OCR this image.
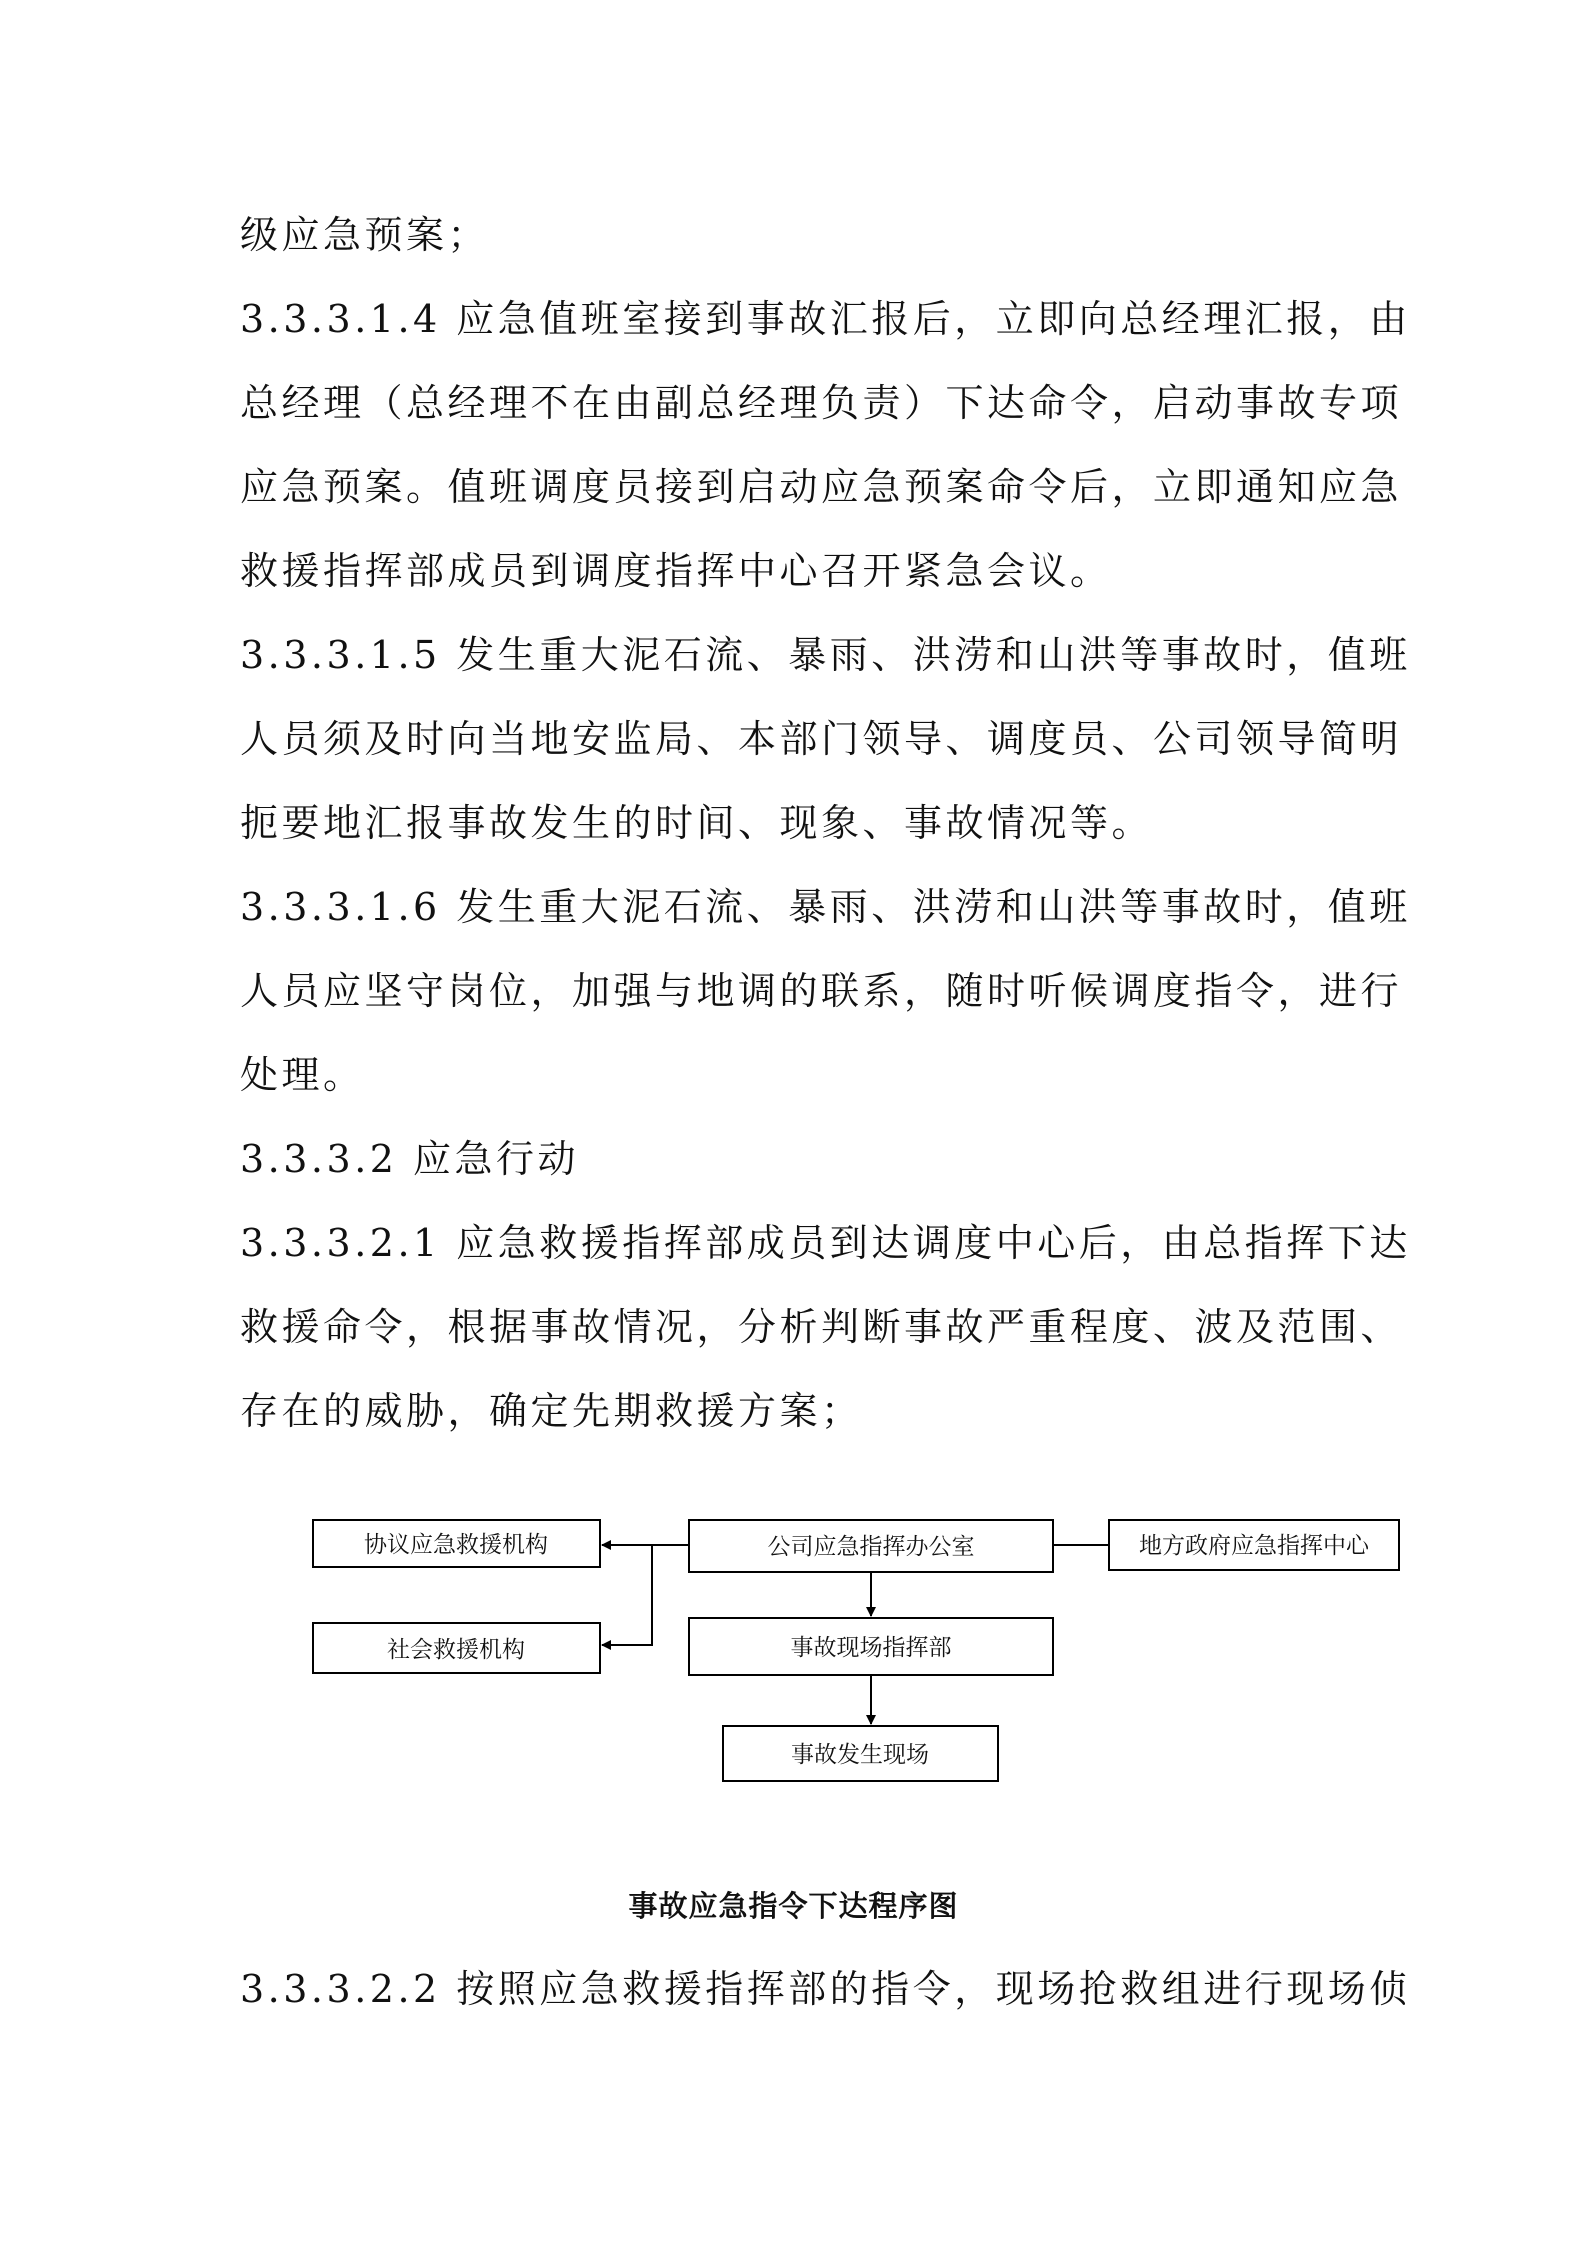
级应急预案；
3.3.3.1.4 应急值班室接到事故汇报后，立即向总经理汇报，由
总经理（总经理不在由副总经理负责）下达命令，启动事故专项
应急预案。值班调度员接到启动应急预案命令后，立即通知应急
救援指挥部成员到调度指挥中心召开紧急会议。
3.3.3.1.5 发生重大泥石流、暴雨、洪涝和山洪等事故时，值班
人员须及时向当地安监局、本部门领导、调度员、公司领导简明
扼要地汇报事故发生的时间、现象、事故情况等。
3.3.3.1.6 发生重大泥石流、暴雨、洪涝和山洪等事故时，值班
人员应坚守岗位，加强与地调的联系，随时听候调度指令，进行
处理。
3.3.3.2 应急行动
3.3.3.2.1 应急救援指挥部成员到达调度中心后，由总指挥下达
救援命令，根据事故情况，分析判断事故严重程度、波及范围、
存在的威胁，确定先期救援方案；
协议应急救援机构	公司应急指挥办公室	地方政府应急指挥中心
社会救援机构	事故现场指挥部
事故发生现场

事故应急指令下达程序图

3.3.3.2.2 按照应急救援指挥部的指令，现场抢救组进行现场侦
